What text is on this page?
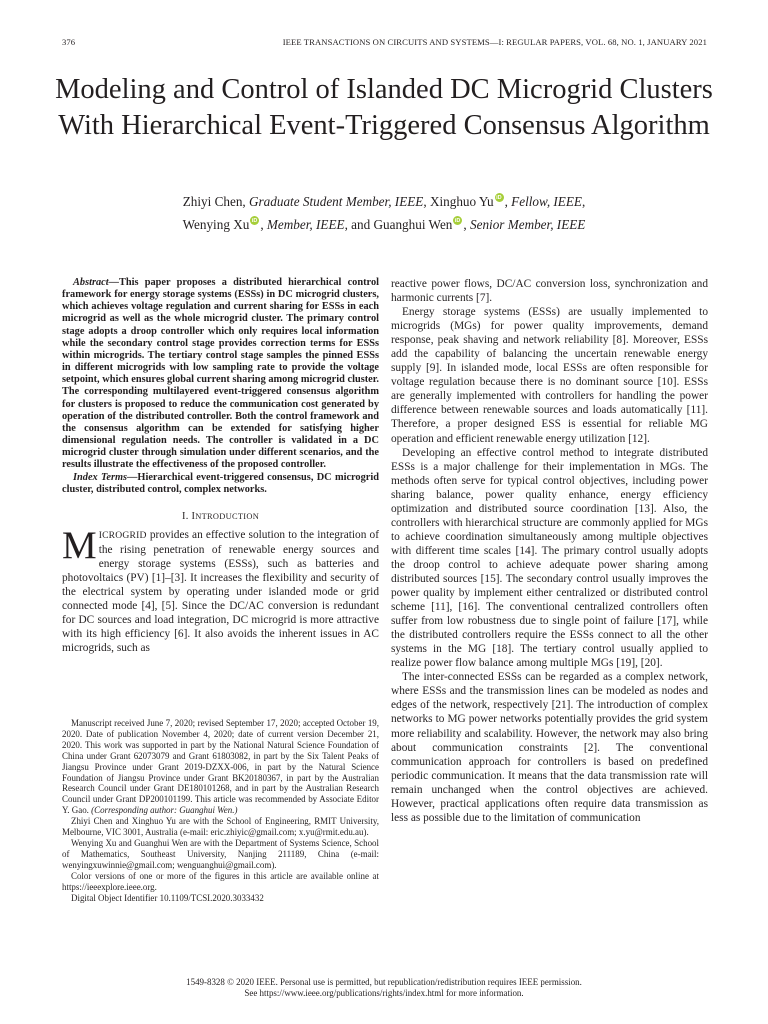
376	IEEE TRANSACTIONS ON CIRCUITS AND SYSTEMS—I: REGULAR PAPERS, VOL. 68, NO. 1, JANUARY 2021
Modeling and Control of Islanded DC Microgrid Clusters With Hierarchical Event-Triggered Consensus Algorithm
Zhiyi Chen, Graduate Student Member, IEEE, Xinghuo Yu iD , Fellow, IEEE,
Wenying Xu iD , Member, IEEE, and Guanghui Wen iD , Senior Member, IEEE

Abstract—This paper proposes a distributed hierarchical control framework for energy storage systems (ESSs) in DC microgrid clusters, which achieves voltage regulation and current sharing for ESSs in each microgrid as well as the whole microgrid cluster. The primary control stage adopts a droop controller which only requires local information while the secondary control stage provides correction terms for ESSs within microgrids. The tertiary control stage samples the pinned ESSs in different microgrids with low sampling rate to provide the voltage setpoint, which ensures global current sharing among microgrid cluster. The corresponding multilayered event-triggered consensus algorithm for clusters is proposed to reduce the communication cost generated by operation of the distributed controller. Both the control framework and the consensus algorithm can be extended for satisfying higher dimensional regulation needs. The controller is validated in a DC microgrid cluster through simulation under different scenarios, and the results illustrate the effectiveness of the proposed controller.

Index Terms—Hierarchical event-triggered consensus, DC microgrid cluster, distributed control, complex networks.

I. INTRODUCTION

MICROGRID provides an effective solution to the integration of the rising penetration of renewable energy sources and energy storage systems (ESSs), such as batteries and photovoltaics (PV) [1]–[3]. It increases the flexibility and security of the electrical system by operating under islanded mode or grid connected mode [4], [5]. Since the DC/AC conversion is redundant for DC sources and load integration, DC microgrid is more attractive with its high efficiency [6]. It also avoids the inherent issues in AC microgrids, such as

Manuscript received June 7, 2020; revised September 17, 2020; accepted October 19, 2020. Date of publication November 4, 2020; date of current version December 21, 2020. This work was supported in part by the National Natural Science Foundation of China under Grant 62073079 and Grant 61803082, in part by the Six Talent Peaks of Jiangsu Province under Grant 2019-DZXX-006, in part by the Natural Science Foundation of Jiangsu Province under Grant BK20180367, in part by the Australian Research Council under Grant DE180101268, and in part by the Australian Research Council under Grant DP200101199. This article was recommended by Associate Editor Y. Gao. (Corresponding author: Guanghui Wen.)

Zhiyi Chen and Xinghuo Yu are with the School of Engineering, RMIT University, Melbourne, VIC 3001, Australia (e-mail: eric.zhiyic@gmail.com; x.yu@rmit.edu.au).

Wenying Xu and Guanghui Wen are with the Department of Systems Science, School of Mathematics, Southeast University, Nanjing 211189, China (e-mail: wenyingxuwinnie@gmail.com; wenguanghui@gmail.com).

Color versions of one or more of the figures in this article are available online at https://ieeexplore.ieee.org.

Digital Object Identifier 10.1109/TCSI.2020.3033432

reactive power flows, DC/AC conversion loss, synchronization and harmonic currents [7].

Energy storage systems (ESSs) are usually implemented to microgrids (MGs) for power quality improvements, demand response, peak shaving and network reliability [8]. Moreover, ESSs add the capability of balancing the uncertain renewable energy supply [9]. In islanded mode, local ESSs are often responsible for voltage regulation because there is no dominant source [10]. ESSs are generally implemented with controllers for handling the power difference between renewable sources and loads automatically [11]. Therefore, a proper designed ESS is essential for reliable MG operation and efficient renewable energy utilization [12].

Developing an effective control method to integrate distributed ESSs is a major challenge for their implementation in MGs. The methods often serve for typical control objectives, including power sharing balance, power quality enhance, energy efficiency optimization and distributed source coordination [13]. Also, the controllers with hierarchical structure are commonly applied for MGs to achieve coordination simultaneously among multiple objectives with different time scales [14]. The primary control usually adopts the droop control to achieve adequate power sharing among distributed sources [15]. The secondary control usually improves the power quality by implement either centralized or distributed control scheme [11], [16]. The conventional centralized controllers often suffer from low robustness due to single point of failure [17], while the distributed controllers require the ESSs connect to all the other systems in the MG [18]. The tertiary control usually applied to realize power flow balance among multiple MGs [19], [20].

The inter-connected ESSs can be regarded as a complex network, where ESSs and the transmission lines can be modeled as nodes and edges of the network, respectively [21]. The introduction of complex networks to MG power networks potentially provides the grid system more reliability and scalability. However, the network may also bring about communication constraints [2]. The conventional communication approach for controllers is based on predefined periodic communication. It means that the data transmission rate will remain unchanged when the control objectives are achieved. However, practical applications often require data transmission as less as possible due to the limitation of communication

1549-8328 © 2020 IEEE. Personal use is permitted, but republication/redistribution requires IEEE permission.
See https://www.ieee.org/publications/rights/index.html for more information.
